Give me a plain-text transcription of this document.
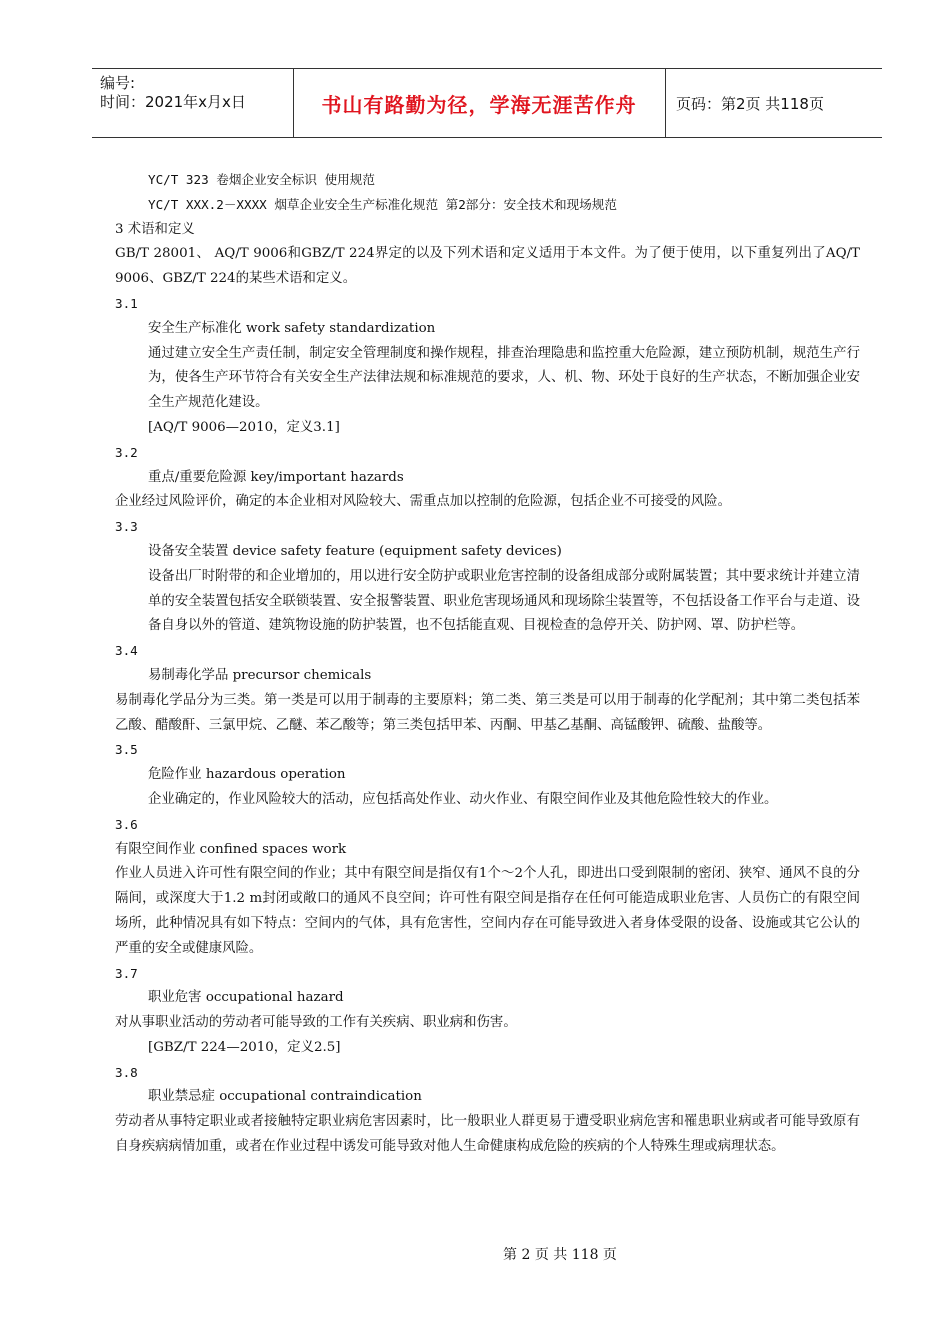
编号:
时间：2021年x月x日	书山有路勤为径，学海无涯苦作舟	页码：第2页 共118页

YC/T 323 卷烟企业安全标识 使用规范

YC/T XXX.2－XXXX 烟草企业安全生产标准化规范 第2部分：安全技术和现场规范

3 术语和定义

GB/T 28001、 AQ/T 9006和GBZ/T 224界定的以及下列术语和定义适用于本文件。为了便于使用，以下重复列出了AQ/T 9006、GBZ/T 224的某些术语和定义。

3.1

安全生产标准化 work safety standardization

通过建立安全生产责任制，制定安全管理制度和操作规程，排查治理隐患和监控重大危险源，建立预防机制，规范生产行为，使各生产环节符合有关安全生产法律法规和标准规范的要求，人、机、物、环处于良好的生产状态，不断加强企业安全生产规范化建设。

[AQ/T 9006—2010，定义3.1]

3.2

重点/重要危险源 key/important hazards

企业经过风险评价，确定的本企业相对风险较大、需重点加以控制的危险源，包括企业不可接受的风险。

3.3

设备安全装置 device safety feature (equipment safety devices)

设备出厂时附带的和企业增加的，用以进行安全防护或职业危害控制的设备组成部分或附属装置；其中要求统计并建立清单的安全装置包括安全联锁装置、安全报警装置、职业危害现场通风和现场除尘装置等，不包括设备工作平台与走道、设备自身以外的管道、建筑物设施的防护装置，也不包括能直观、目视检查的急停开关、防护网、罩、防护栏等。

3.4

易制毒化学品 precursor chemicals

易制毒化学品分为三类。第一类是可以用于制毒的主要原料；第二类、第三类是可以用于制毒的化学配剂；其中第二类包括苯乙酸、醋酸酐、三氯甲烷、乙醚、苯乙酸等；第三类包括甲苯、丙酮、甲基乙基酮、高锰酸钾、硫酸、盐酸等。

3.5

危险作业 hazardous operation

企业确定的，作业风险较大的活动，应包括高处作业、动火作业、有限空间作业及其他危险性较大的作业。

3.6

有限空间作业 confined spaces work

作业人员进入许可性有限空间的作业；其中有限空间是指仅有1个～2个人孔，即进出口受到限制的密闭、狭窄、通风不良的分隔间，或深度大于1.2 m封闭或敞口的通风不良空间；许可性有限空间是指存在任何可能造成职业危害、人员伤亡的有限空间场所，此种情况具有如下特点：空间内的气体，具有危害性，空间内存在可能导致进入者身体受限的设备、设施或其它公认的严重的安全或健康风险。

3.7

职业危害 occupational hazard

对从事职业活动的劳动者可能导致的工作有关疾病、职业病和伤害。

[GBZ/T 224—2010，定义2.5]

3.8

职业禁忌症 occupational contraindication

劳动者从事特定职业或者接触特定职业病危害因素时，比一般职业人群更易于遭受职业病危害和罹患职业病或者可能导致原有自身疾病病情加重，或者在作业过程中诱发可能导致对他人生命健康构成危险的疾病的个人特殊生理或病理状态。

第 2 页 共 118 页
